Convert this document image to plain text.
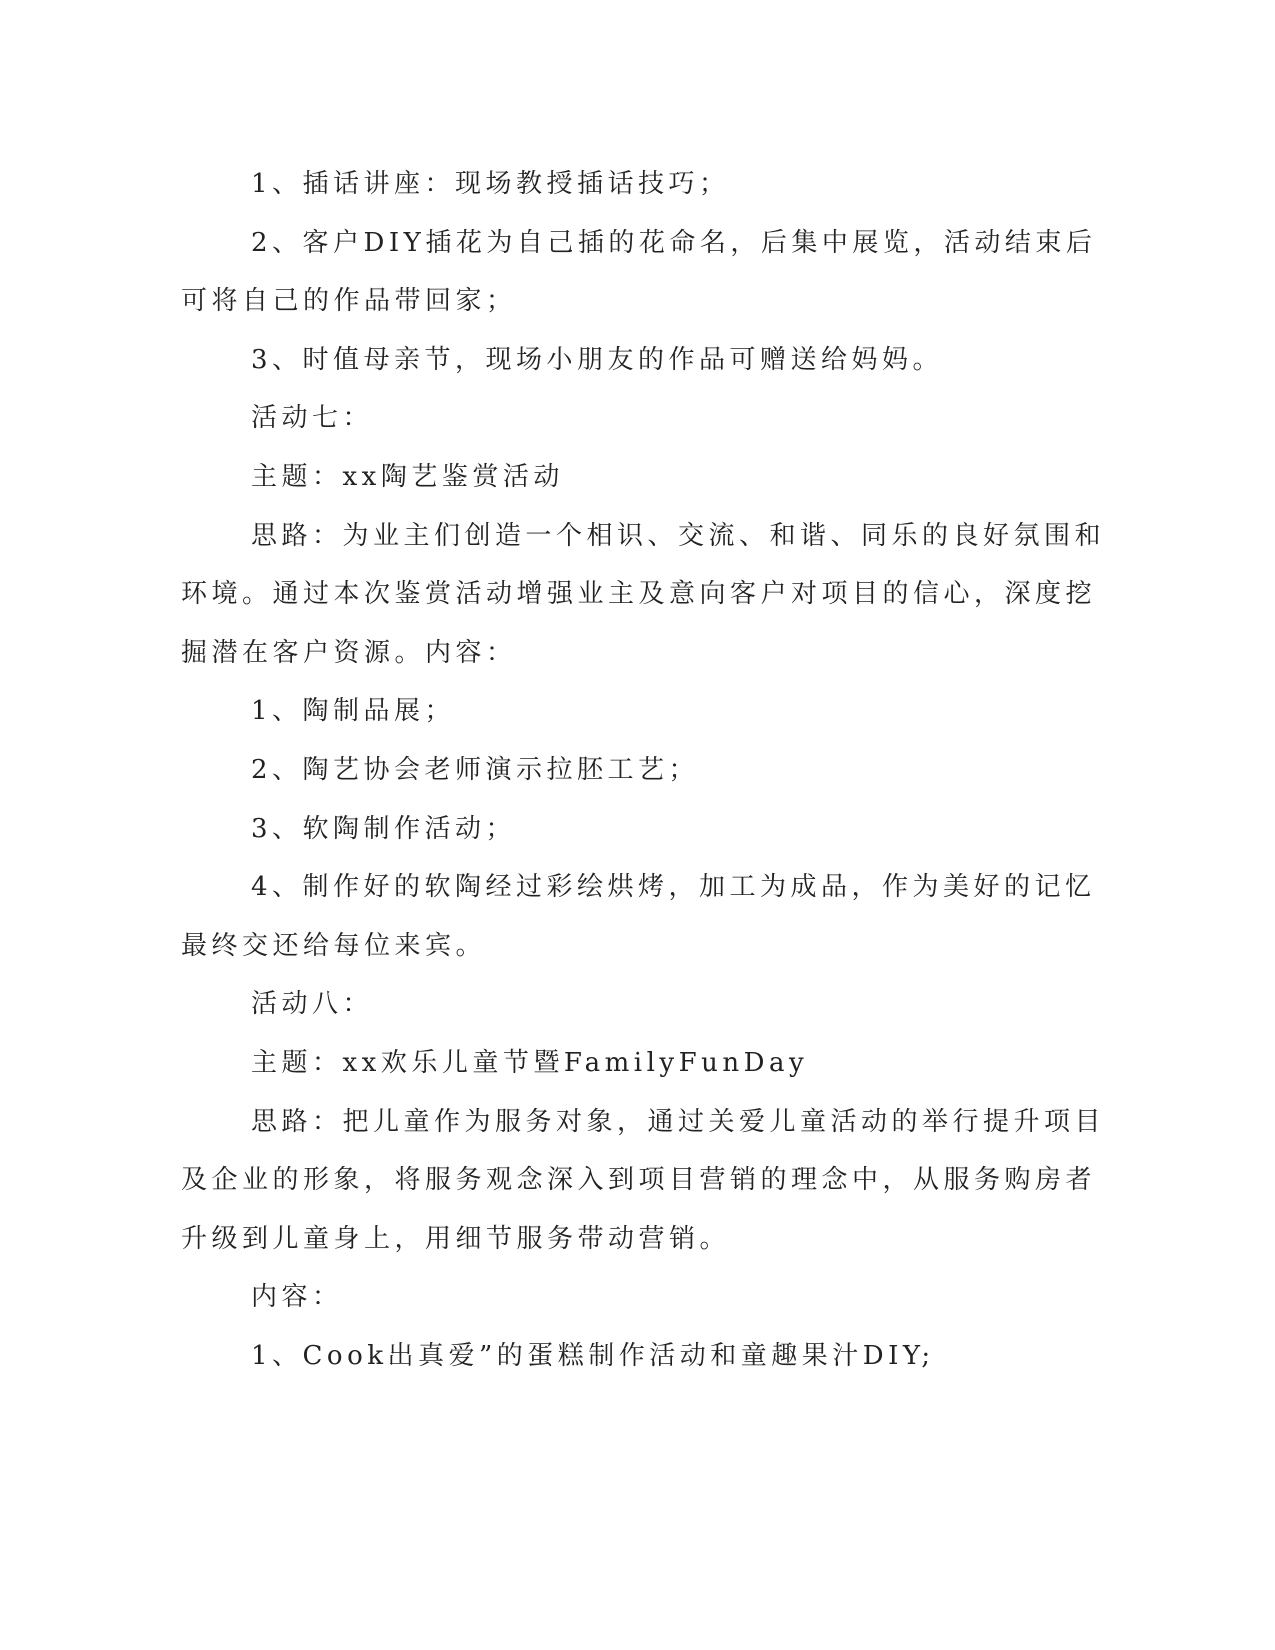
1、插话讲座：现场教授插话技巧；
2、客户DIY插花为自己插的花命名，后集中展览，活动结束后
可将自己的作品带回家；
3、时值母亲节，现场小朋友的作品可赠送给妈妈。
活动七：
主题：xx陶艺鉴赏活动
思路：为业主们创造一个相识、交流、和谐、同乐的良好氛围和
环境。通过本次鉴赏活动增强业主及意向客户对项目的信心，深度挖
掘潜在客户资源。内容：
1、陶制品展；
2、陶艺协会老师演示拉胚工艺；
3、软陶制作活动；
4、制作好的软陶经过彩绘烘烤，加工为成品，作为美好的记忆
最终交还给每位来宾。
活动八：
主题：xx欢乐儿童节暨FamilyFunDay
思路：把儿童作为服务对象，通过关爱儿童活动的举行提升项目
及企业的形象，将服务观念深入到项目营销的理念中，从服务购房者
升级到儿童身上，用细节服务带动营销。
内容：
1、Cook出真爱”的蛋糕制作活动和童趣果汁DIY;
